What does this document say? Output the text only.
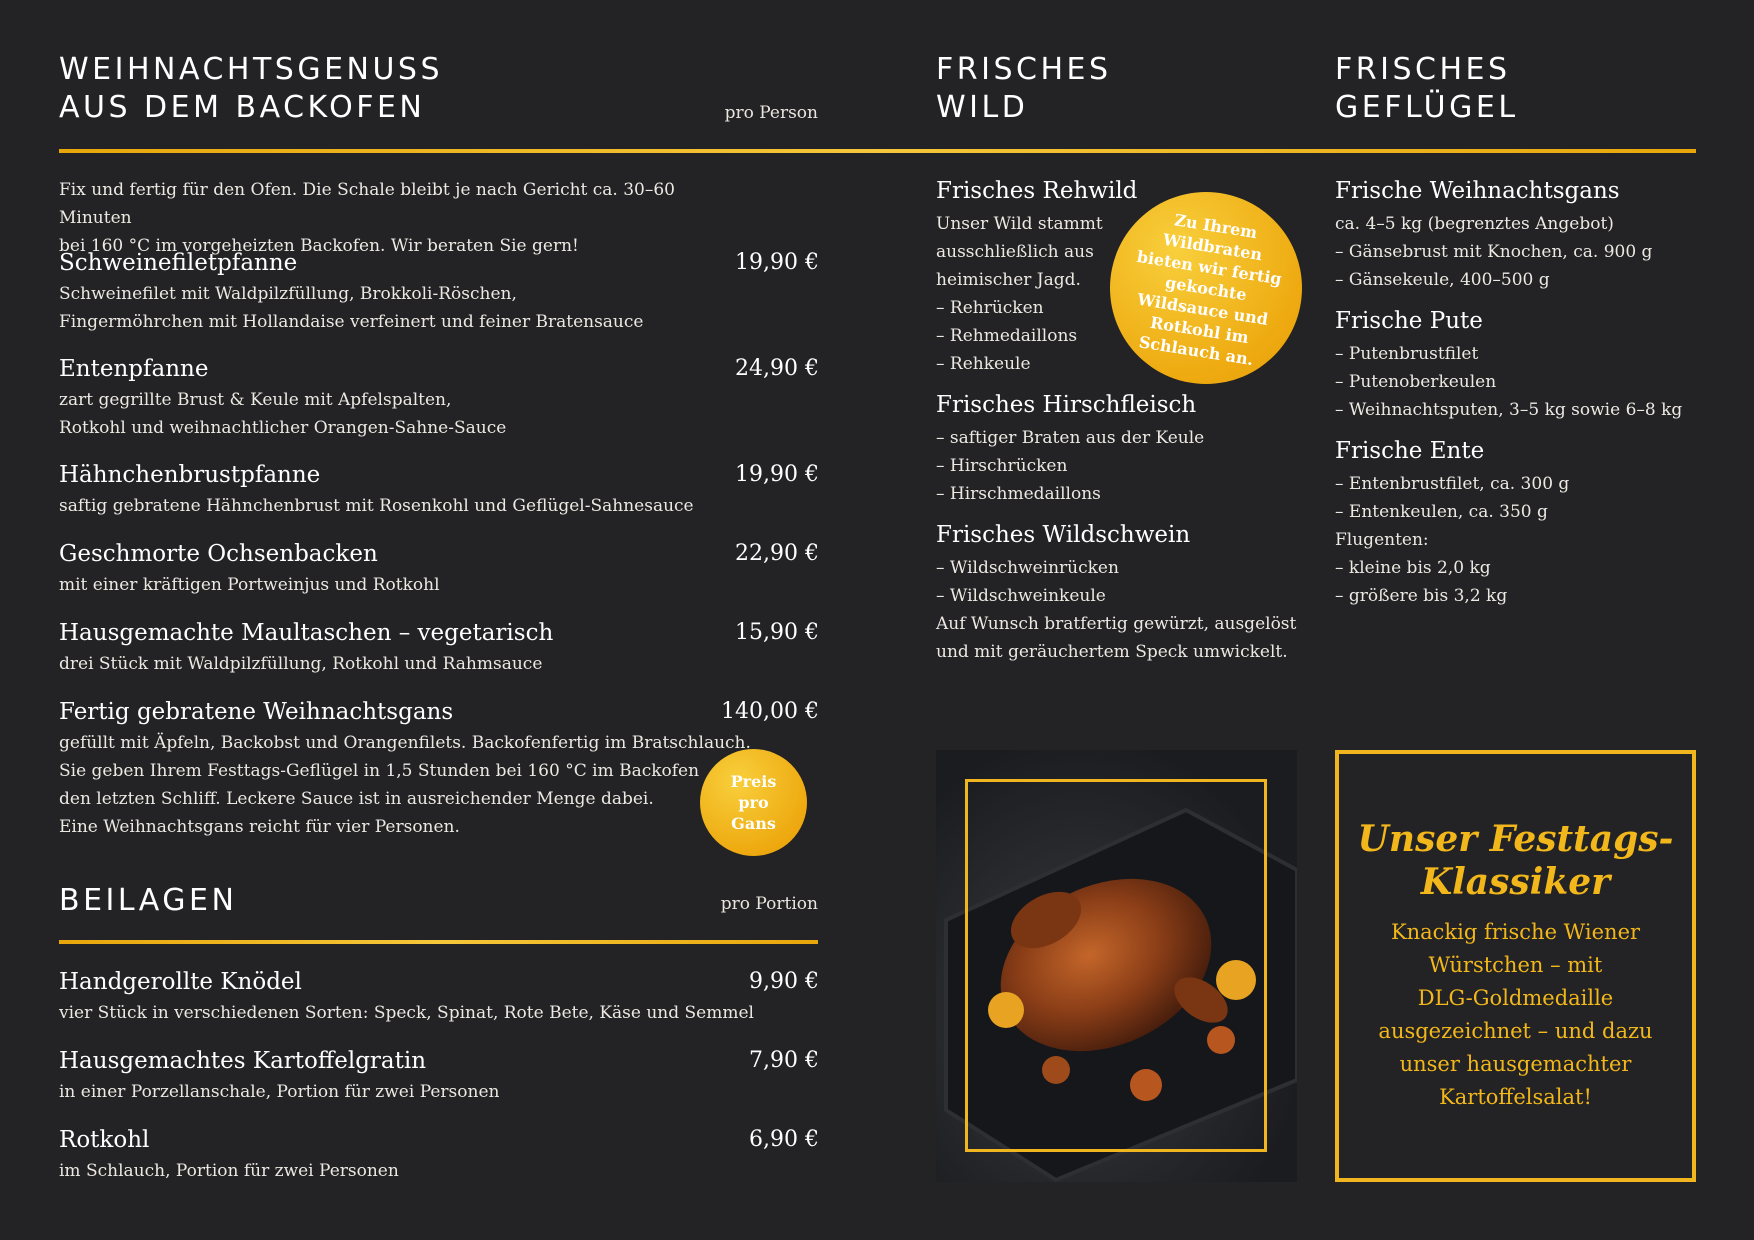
WEIHNACHTSGENUSS
AUS DEM BACKOFEN	pro Person
FRISCHES
WILD
FRISCHES
GEFLÜGEL
Fix und fertig für den Ofen. Die Schale bleibt je nach Gericht ca. 30–60 Minuten
bei 160 °C im vorgeheizten Backofen. Wir beraten Sie gern!
Schweinefiletpfanne	19,90 €
Schweinefilet mit Waldpilzfüllung, Brokkoli-Röschen,
Fingermöhrchen mit Hollandaise verfeinert und feiner Bratensauce
Entenpfanne	24,90 €
zart gegrillte Brust & Keule mit Apfelspalten,
Rotkohl und weihnachtlicher Orangen-Sahne-Sauce
Hähnchenbrustpfanne	19,90 €
saftig gebratene Hähnchenbrust mit Rosenkohl und Geflügel-Sahnesauce
Geschmorte Ochsenbacken	22,90 €
mit einer kräftigen Portweinjus und Rotkohl
Hausgemachte Maultaschen – vegetarisch	15,90 €
drei Stück mit Waldpilzfüllung, Rotkohl und Rahmsauce
Fertig gebratene Weihnachtsgans	140,00 €
gefüllt mit Äpfeln, Backobst und Orangenfilets. Backofenfertig im Bratschlauch.
Sie geben Ihrem Festtags-Geflügel in 1,5 Stunden bei 160 °C im Backofen
den letzten Schliff. Leckere Sauce ist in ausreichender Menge dabei.
Eine Weihnachtsgans reicht für vier Personen.
Preis pro Gans
BEILAGEN	pro Portion
Handgerollte Knödel	9,90 €
vier Stück in verschiedenen Sorten: Speck, Spinat, Rote Bete, Käse und Semmel
Hausgemachtes Kartoffelgratin	7,90 €
in einer Porzellanschale, Portion für zwei Personen
Rotkohl	6,90 €
im Schlauch, Portion für zwei Personen
Frisches Rehwild
Unser Wild stammt
ausschließlich aus
heimischer Jagd.
– Rehrücken
– Rehmedaillons
– Rehkeule
Frisches Hirschfleisch
– saftiger Braten aus der Keule
– Hirschrücken
– Hirschmedaillons
Frisches Wildschwein
– Wildschweinrücken
– Wildschweinkeule
Auf Wunsch bratfertig gewürzt, ausgelöst
und mit geräuchertem Speck umwickelt.
Zu Ihrem Wildbraten bieten wir fertig gekochte Wildsauce und Rotkohl im Schlauch an.
Frische Weihnachtsgans
ca. 4–5 kg (begrenztes Angebot)
– Gänsebrust mit Knochen, ca. 900 g
– Gänsekeule, 400–500 g
Frische Pute
– Putenbrustfilet
– Putenoberkeulen
– Weihnachtsputen, 3–5 kg sowie 6–8 kg
Frische Ente
– Entenbrustfilet, ca. 300 g
– Entenkeulen, ca. 350 g
Flugenten:
– kleine bis 2,0 kg
– größere bis 3,2 kg
Unser Festtags-
Klassiker
Knackig frische Wiener
Würstchen – mit
DLG-Goldmedaille
ausgezeichnet – und dazu
unser hausgemachter
Kartoffelsalat!
